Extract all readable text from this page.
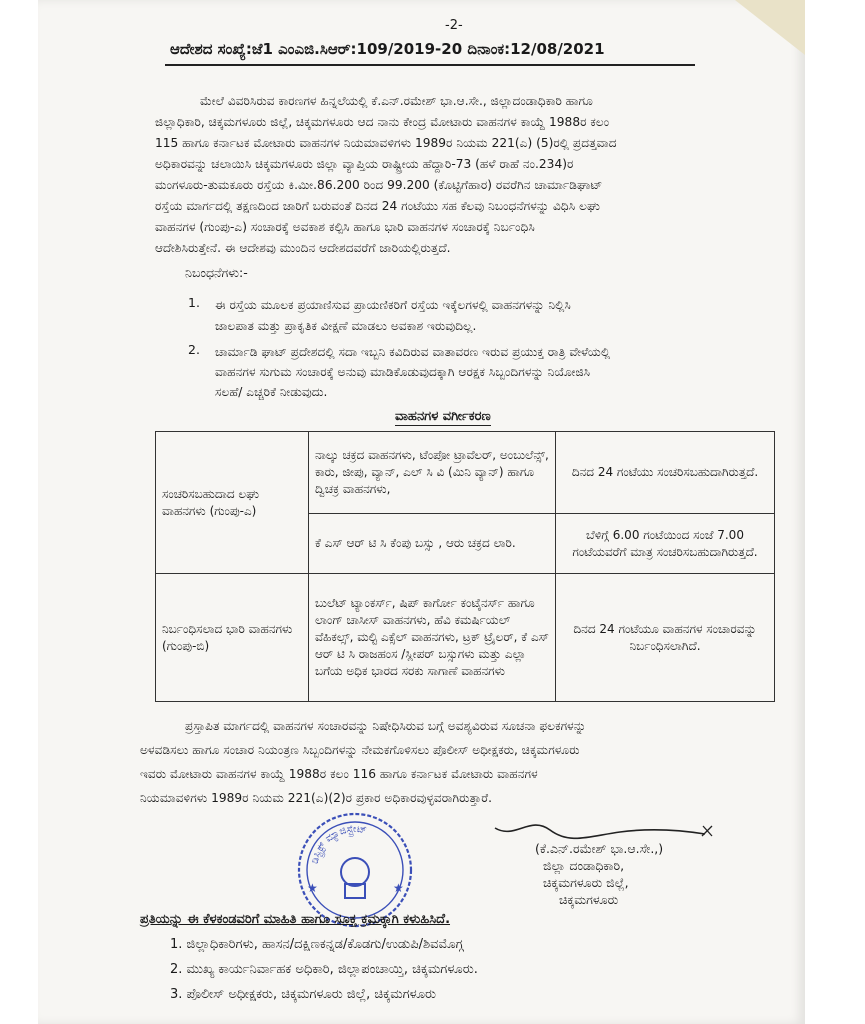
-2-
ಆದೇಶದ ಸಂಖ್ಯೆ:ಜೆ1 ಎಂಎಜಿ.ಸಿಆರ್:109/2019-20 ದಿನಾಂಕ:12/08/2021
ಮೇಲೆ ವಿವರಿಸಿರುವ ಕಾರಣಗಳ ಹಿನ್ನಲೆಯಲ್ಲಿ ಕೆ.ಎನ್.ರಮೇಶ್ ಭಾ.ಆ.ಸೇ., ಜಿಲ್ಲಾದಂಡಾಧಿಕಾರಿ ಹಾಗೂ
ಜಿಲ್ಲಾಧಿಕಾರಿ, ಚಿಕ್ಕಮಗಳೂರು ಜಿಲ್ಲೆ, ಚಿಕ್ಕಮಗಳೂರು ಆದ ನಾನು ಕೇಂದ್ರ ಮೋಟಾರು ವಾಹನಗಳ ಕಾಯ್ದೆ 1988ರ ಕಲಂ
115 ಹಾಗೂ ಕರ್ನಾಟಕ ಮೋಟಾರು ವಾಹನಗಳ ನಿಯಮಾವಳಿಗಳು 1989ರ ನಿಯಮ 221(ಎ) (5)ರಲ್ಲಿ ಪ್ರದತ್ತವಾದ
ಅಧಿಕಾರವನ್ನು ಚಲಾಯಿಸಿ ಚಿಕ್ಕಮಗಳೂರು ಜಿಲ್ಲಾ ವ್ಯಾಪ್ತಿಯ ರಾಷ್ಟ್ರೀಯ ಹೆದ್ದಾರಿ-73 (ಹಳೆ ರಾಹೆ ನಂ.234)ರ
ಮಂಗಳೂರು-ತುಮಕೂರು ರಸ್ತೆಯ ಕಿ.ಮೀ.86.200 ರಿಂದ 99.200 (ಕೊಟ್ಟಿಗೆಹಾರ) ರವರೆಗಿನ ಚಾರ್ಮಾಡಿಘಾಟ್
ರಸ್ತೆಯ ಮಾರ್ಗದಲ್ಲಿ ತಕ್ಷಣದಿಂದ ಜಾರಿಗೆ ಬರುವಂತೆ ದಿನದ 24 ಗಂಟೆಯು ಸಹ ಕೆಲವು ನಿಬಂಧನೆಗಳನ್ನು ವಿಧಿಸಿ ಲಘು
ವಾಹನಗಳ (ಗುಂಪು-ಎ) ಸಂಚಾರಕ್ಕೆ ಅವಕಾಶ ಕಲ್ಪಿಸಿ ಹಾಗೂ ಭಾರಿ ವಾಹನಗಳ ಸಂಚಾರಕ್ಕೆ ನಿರ್ಬಂಧಿಸಿ
ಆದೇಶಿಸಿರುತ್ತೇನೆ. ಈ ಆದೇಶವು ಮುಂದಿನ ಆದೇಶದವರೆಗೆ ಜಾರಿಯಲ್ಲಿರುತ್ತದೆ.
ನಿಬಂಧನೆಗಳು:-
1. ಈ ರಸ್ತೆಯ ಮೂಲಕ ಪ್ರಯಾಣಿಸುವ ಪ್ರಾಯಣಿಕರಿಗೆ ರಸ್ತೆಯ ಇಕ್ಕೆಲಗಳಲ್ಲಿ ವಾಹನಗಳನ್ನು ನಿಲ್ಲಿಸಿ
ಜಾಲಪಾತ ಮತ್ತು ಪ್ರಾಕೃತಿಕ ವೀಕ್ಷಣೆ ಮಾಡಲು ಅವಕಾಶ ಇರುವುದಿಲ್ಲ.
2. ಚಾರ್ಮಾಡಿ ಘಾಟ್ ಪ್ರದೇಶದಲ್ಲಿ ಸದಾ ಇಬ್ಬನಿ ಕವಿದಿರುವ ವಾತಾವರಣ ಇರುವ ಪ್ರಯುಕ್ತ ರಾತ್ರಿ ವೇಳೆಯಲ್ಲಿ
ವಾಹನಗಳ ಸುಗುಮ ಸಂಚಾರಕ್ಕೆ ಅನುವು ಮಾಡಿಕೊಡುವುದಕ್ಕಾಗಿ ಆರಕ್ಷಕ ಸಿಬ್ಬಂದಿಗಳನ್ನು ನಿಯೋಜಿಸಿ
ಸಲಹೆ/ ಎಚ್ಚರಿಕೆ ನೀಡುವುದು.
ವಾಹನಗಳ ವರ್ಗೀಕರಣ
ಸಂಚರಿಸಬಹುದಾದ ಲಘು ವಾಹನಗಳು (ಗುಂಪು-ಎ)	ನಾಲ್ಕು ಚಕ್ರದ ವಾಹನಗಳು, ಟೆಂಪೋ ಟ್ರಾವೆಲರ್, ಅಂಬುಲೆನ್ಸ್, ಕಾರು, ಜೀಪು, ವ್ಯಾನ್, ಎಲ್ ಸಿ ವಿ (ಮಿನಿ ವ್ಯಾನ್) ಹಾಗೂ ದ್ವಿಚಕ್ರ ವಾಹನಗಳು,	ದಿನದ 24 ಗಂಟೆಯು ಸಂಚರಿಸಬಹುದಾಗಿರುತ್ತದೆ.
	ಕೆ ಎಸ್ ಆರ್ ಟಿ ಸಿ ಕೆಂಪು ಬಸ್ಸು , ಆರು ಚಕ್ರದ ಲಾರಿ.	ಬೆಳಿಗ್ಗೆ 6.00 ಗಂಟೆಯಿಂದ ಸಂಜೆ 7.00 ಗಂಟೆಯವರೆಗೆ ಮಾತ್ರ ಸಂಚರಿಸಬಹುದಾಗಿರುತ್ತದೆ.
ನಿರ್ಬಂಧಿಸಲಾದ ಭಾರಿ ವಾಹನಗಳು (ಗುಂಪು-ಬಿ)	ಬುಲೆಟ್ ಟ್ಯಾಂಕರ್ಸ್, ಷಿಪ್ ಕಾರ್ಗೋ ಕಂಟೈನರ್ಸ್ ಹಾಗೂ ಲಾಂಗ್ ಚಾಸೀಸ್ ವಾಹನಗಳು, ಹೆವಿ ಕಮರ್ಷಿಯಲ್ ವೆಹಿಕಲ್ಸ್, ಮಲ್ಟಿ ಎಕ್ಸೆಲ್ ವಾಹನಗಳು, ಟ್ರಕ್ ಟ್ರೈಲರ್, ಕೆ ಎಸ್ ಆರ್ ಟಿ ಸಿ ರಾಜಹಂಸ /ಸ್ಲೀಪರ್ ಬಸ್ಸುಗಳು ಮತ್ತು ಎಲ್ಲಾ ಬಗೆಯ ಅಧಿಕ ಭಾರದ ಸರಕು ಸಾಗಾಣೆ ವಾಹನಗಳು	ದಿನದ 24 ಗಂಟೆಯೂ ವಾಹನಗಳ ಸಂಚಾರವನ್ನು ನಿರ್ಬಂಧಿಸಲಾಗಿದೆ.
ಪ್ರಸ್ತಾಪಿತ ಮಾರ್ಗದಲ್ಲಿ ವಾಹನಗಳ ಸಂಚಾರವನ್ನು ನಿಷೇಧಿಸಿರುವ ಬಗ್ಗೆ ಅವಶ್ಯವಿರುವ ಸೂಚನಾ ಫಲಕಗಳನ್ನು
ಅಳವಡಿಸಲು ಹಾಗೂ ಸಂಚಾರ ನಿಯಂತ್ರಣ ಸಿಬ್ಬಂದಿಗಳನ್ನು ನೇಮಕಗೊಳಿಸಲು ಪೊಲೀಸ್ ಅಧೀಕ್ಷಕರು, ಚಿಕ್ಕಮಗಳೂರು
ಇವರು ಮೋಟಾರು ವಾಹನಗಳ ಕಾಯ್ದೆ 1988ರ ಕಲಂ 116 ಹಾಗೂ ಕರ್ನಾಟಕ ಮೋಟಾರು ವಾಹನಗಳ
ನಿಯಮಾವಳಿಗಳು 1989ರ ನಿಯಮ 221(ಎ)(2)ರ ಪ್ರಕಾರ ಅಧಿಕಾರವುಳ್ಳವರಾಗಿರುತ್ತಾರೆ.
ಡಿಸ್ಟ್ರಿಕ್ಟ್ ಮ್ಯಾಜಿಸ್ಟ್ರೇಟ್
★	★
(ಕೆ.ಎನ್.ರಮೇಶ್ ಭಾ.ಆ.ಸೇ.,)
ಜಿಲ್ಲಾ ದಂಡಾಧಿಕಾರಿ,
ಚಿಕ್ಕಮಗಳೂರು ಜಿಲ್ಲೆ,
ಚಿಕ್ಕಮಗಳೂರು
ಪ್ರತಿಯನ್ನು ಈ ಕೆಳಕಂಡವರಿಗೆ ಮಾಹಿತಿ ಹಾಗೂ ಸೂಕ್ತ ಕ್ರಮಕ್ಕಾಗಿ ಕಳುಹಿಸಿದೆ.
1. ಜಿಲ್ಲಾಧಿಕಾರಿಗಳು, ಹಾಸನ/ದಕ್ಷಿಣಕನ್ನಡ/ಕೊಡಗು/ಉಡುಪಿ/ಶಿವಮೊಗ್ಗ
2. ಮುಖ್ಯ ಕಾರ್ಯನಿರ್ವಾಹಕ ಅಧಿಕಾರಿ, ಜಿಲ್ಲಾಪಂಚಾಯ್ತಿ, ಚಿಕ್ಕಮಗಳೂರು.
3. ಪೊಲೀಸ್ ಅಧೀಕ್ಷಕರು, ಚಿಕ್ಕಮಗಳೂರು ಜಿಲ್ಲೆ, ಚಿಕ್ಕಮಗಳೂರು
